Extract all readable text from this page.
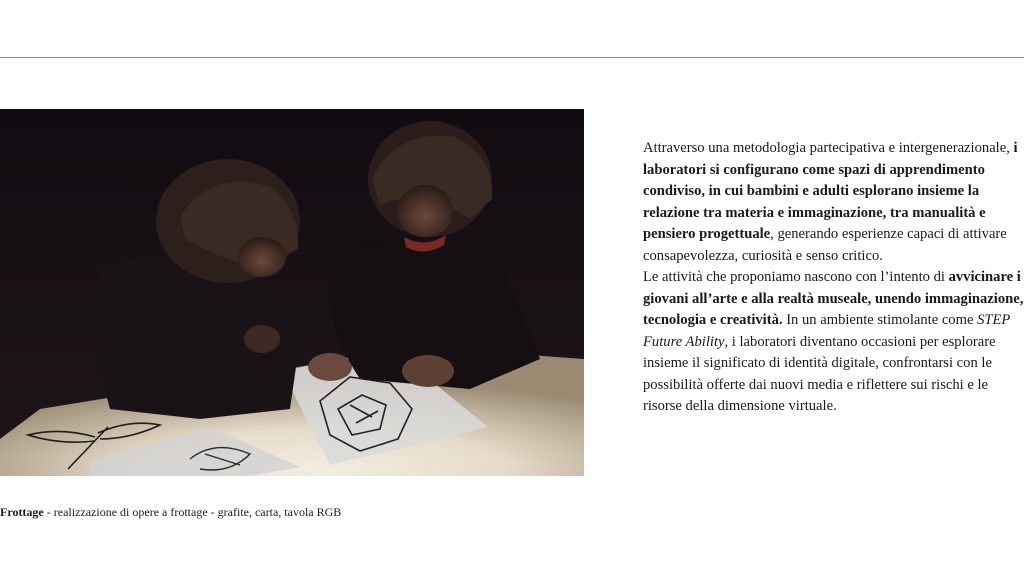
Attraverso una metodologia partecipativa e intergenerazionale, i laboratori si configurano come spazi di apprendimento condiviso, in cui bambini e adulti esplorano insieme la relazione tra materia e immaginazione, tra manualità e pensiero progettuale, generando esperienze capaci di attivare consapevolezza, curiosità e senso critico.

Le attività che proponiamo nascono con l’intento di avvicinare i giovani all’arte e alla realtà museale, unendo immaginazione, tecnologia e creatività. In un ambiente stimolante come STEP Future Ability, i laboratori diventano occasioni per esplorare insieme il significato di identità digitale, confrontarsi con le possibilità offerte dai nuovi media e riflettere sui rischi e le risorse della dimensione virtuale.

Frottage - realizzazione di opere a frottage - grafite, carta, tavola RGB
